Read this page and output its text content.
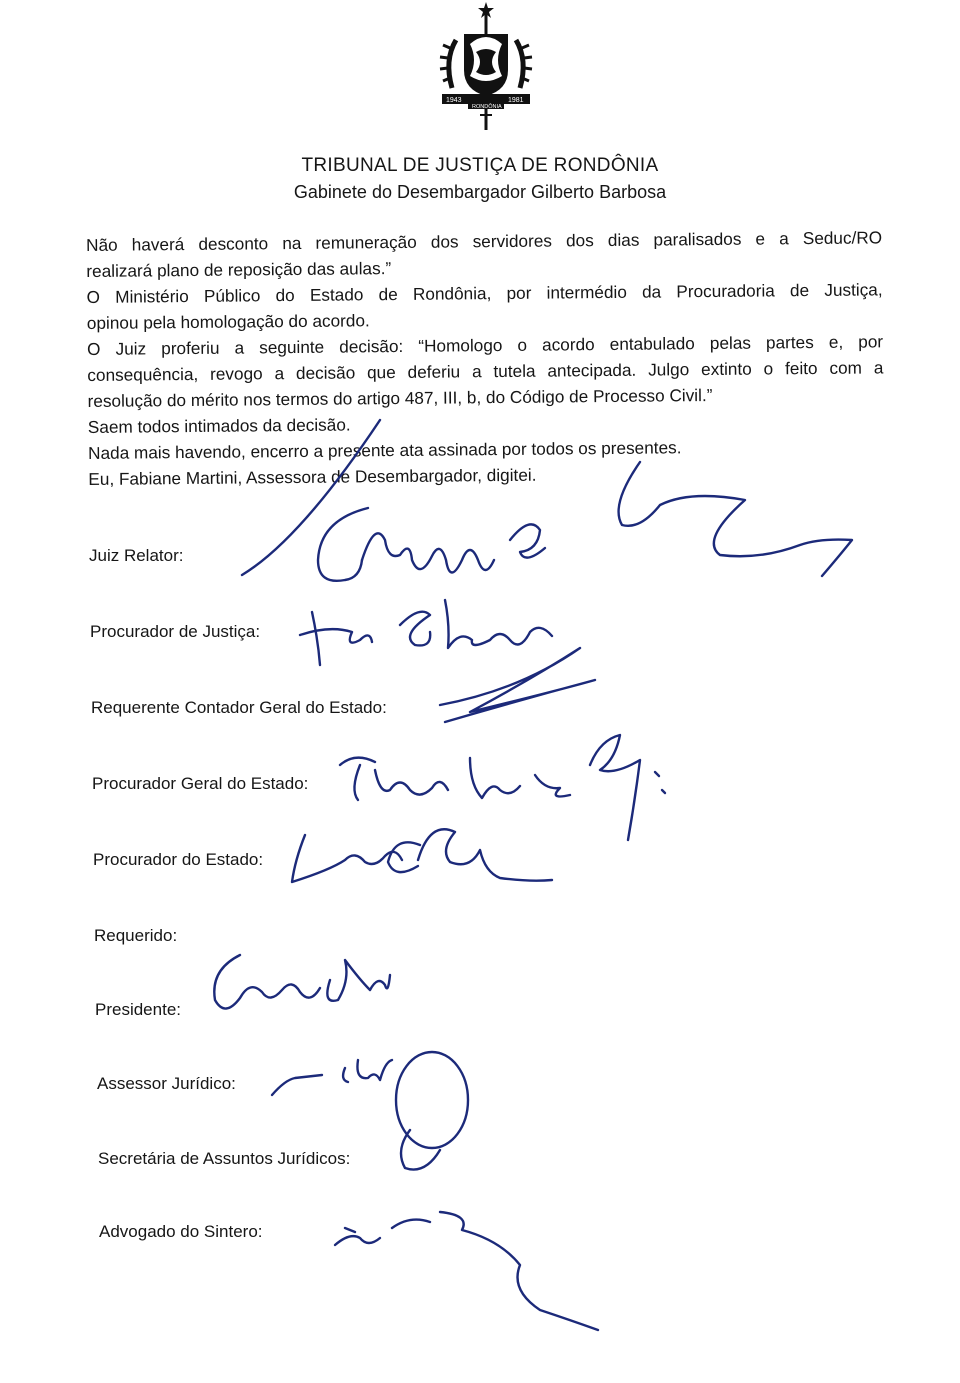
1943	1981
RONDÔNIA
TRIBUNAL DE JUSTIÇA DE RONDÔNIA
Gabinete do Desembargador Gilberto Barbosa

Não haverá desconto na remuneração dos servidores dos dias paralisados e a Seduc/RO

realizará plano de reposição das aulas.”

O Ministério Público do Estado de Rondônia, por intermédio da Procuradoria de Justiça,

opinou pela homologação do acordo.

O Juiz proferiu a seguinte decisão: “Homologo o acordo entabulado pelas partes e, por

consequência, revogo a decisão que deferiu a tutela antecipada. Julgo extinto o feito com a

resolução do mérito nos termos do artigo 487, III, b, do Código de Processo Civil.”

Saem todos intimados da decisão.

Nada mais havendo, encerro a presente ata assinada por todos os presentes.

Eu, Fabiane Martini, Assessora de Desembargador, digitei.

Juiz Relator:
Procurador de Justiça:
Requerente Contador Geral do Estado:
Procurador Geral do Estado:
Procurador do Estado:
Requerido:
Presidente:
Assessor Jurídico:
Secretária de Assuntos Jurídicos:
Advogado do Sintero:
